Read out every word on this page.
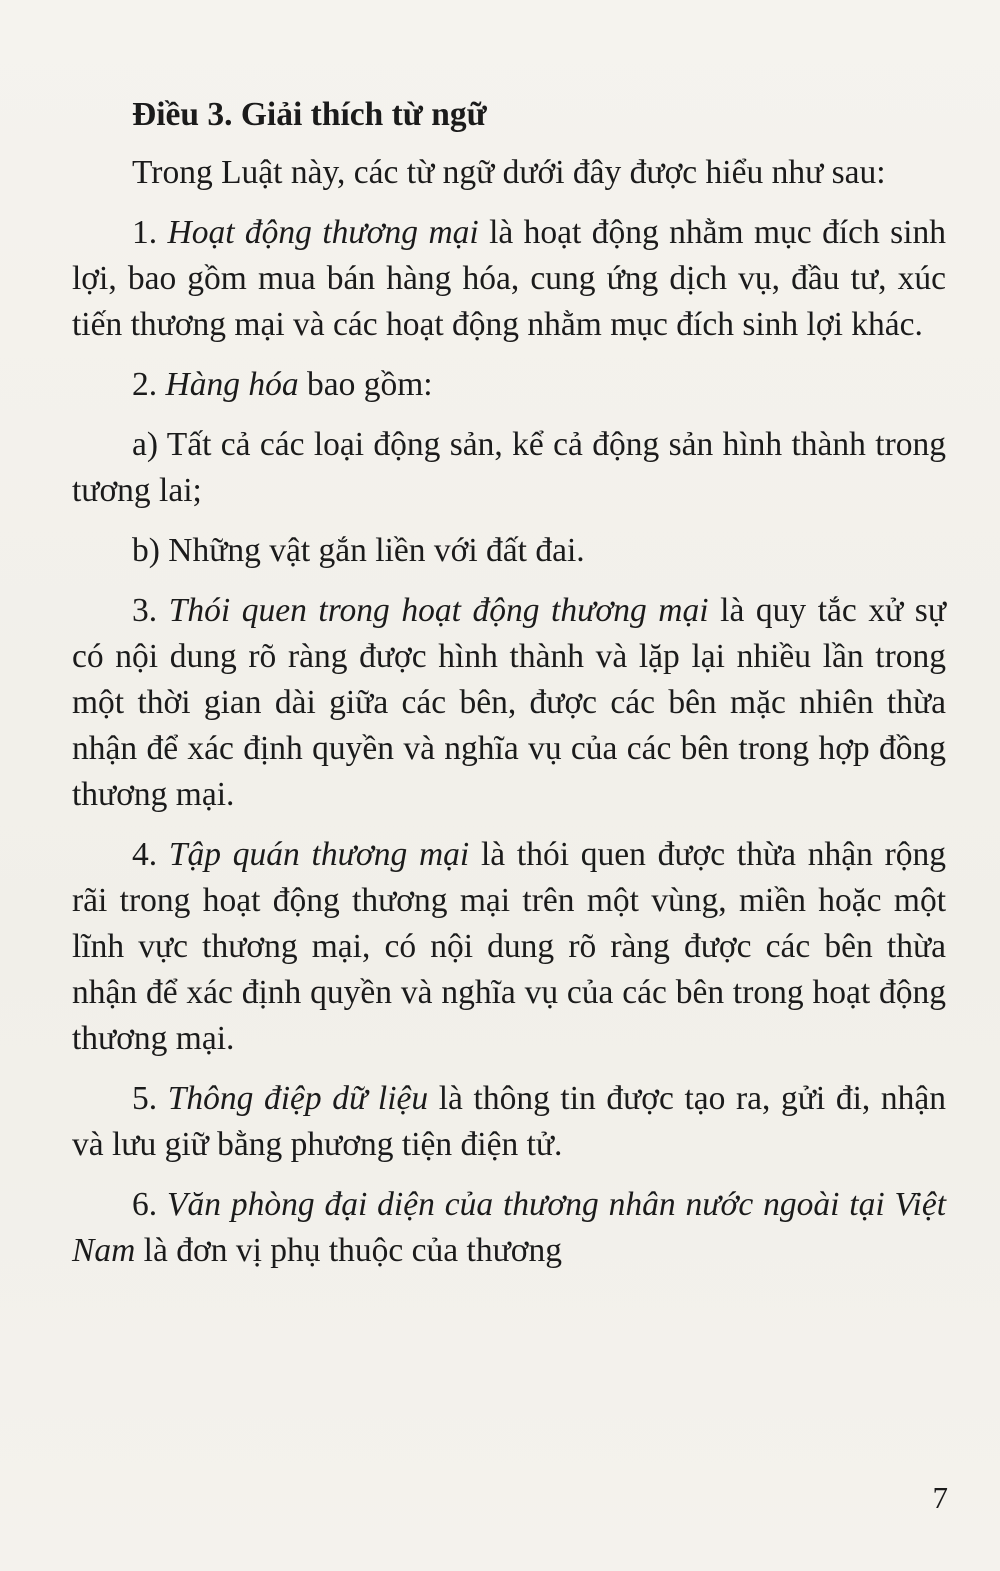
Điều 3. Giải thích từ ngữ

Trong Luật này, các từ ngữ dưới đây được hiểu như sau:

1. Hoạt động thương mại là hoạt động nhằm mục đích sinh lợi, bao gồm mua bán hàng hóa, cung ứng dịch vụ, đầu tư, xúc tiến thương mại và các hoạt động nhằm mục đích sinh lợi khác.

2. Hàng hóa bao gồm:

a) Tất cả các loại động sản, kể cả động sản hình thành trong tương lai;

b) Những vật gắn liền với đất đai.

3. Thói quen trong hoạt động thương mại là quy tắc xử sự có nội dung rõ ràng được hình thành và lặp lại nhiều lần trong một thời gian dài giữa các bên, được các bên mặc nhiên thừa nhận để xác định quyền và nghĩa vụ của các bên trong hợp đồng thương mại.

4. Tập quán thương mại là thói quen được thừa nhận rộng rãi trong hoạt động thương mại trên một vùng, miền hoặc một lĩnh vực thương mại, có nội dung rõ ràng được các bên thừa nhận để xác định quyền và nghĩa vụ của các bên trong hoạt động thương mại.

5. Thông điệp dữ liệu là thông tin được tạo ra, gửi đi, nhận và lưu giữ bằng phương tiện điện tử.

6. Văn phòng đại diện của thương nhân nước ngoài tại Việt Nam là đơn vị phụ thuộc của thương

7
